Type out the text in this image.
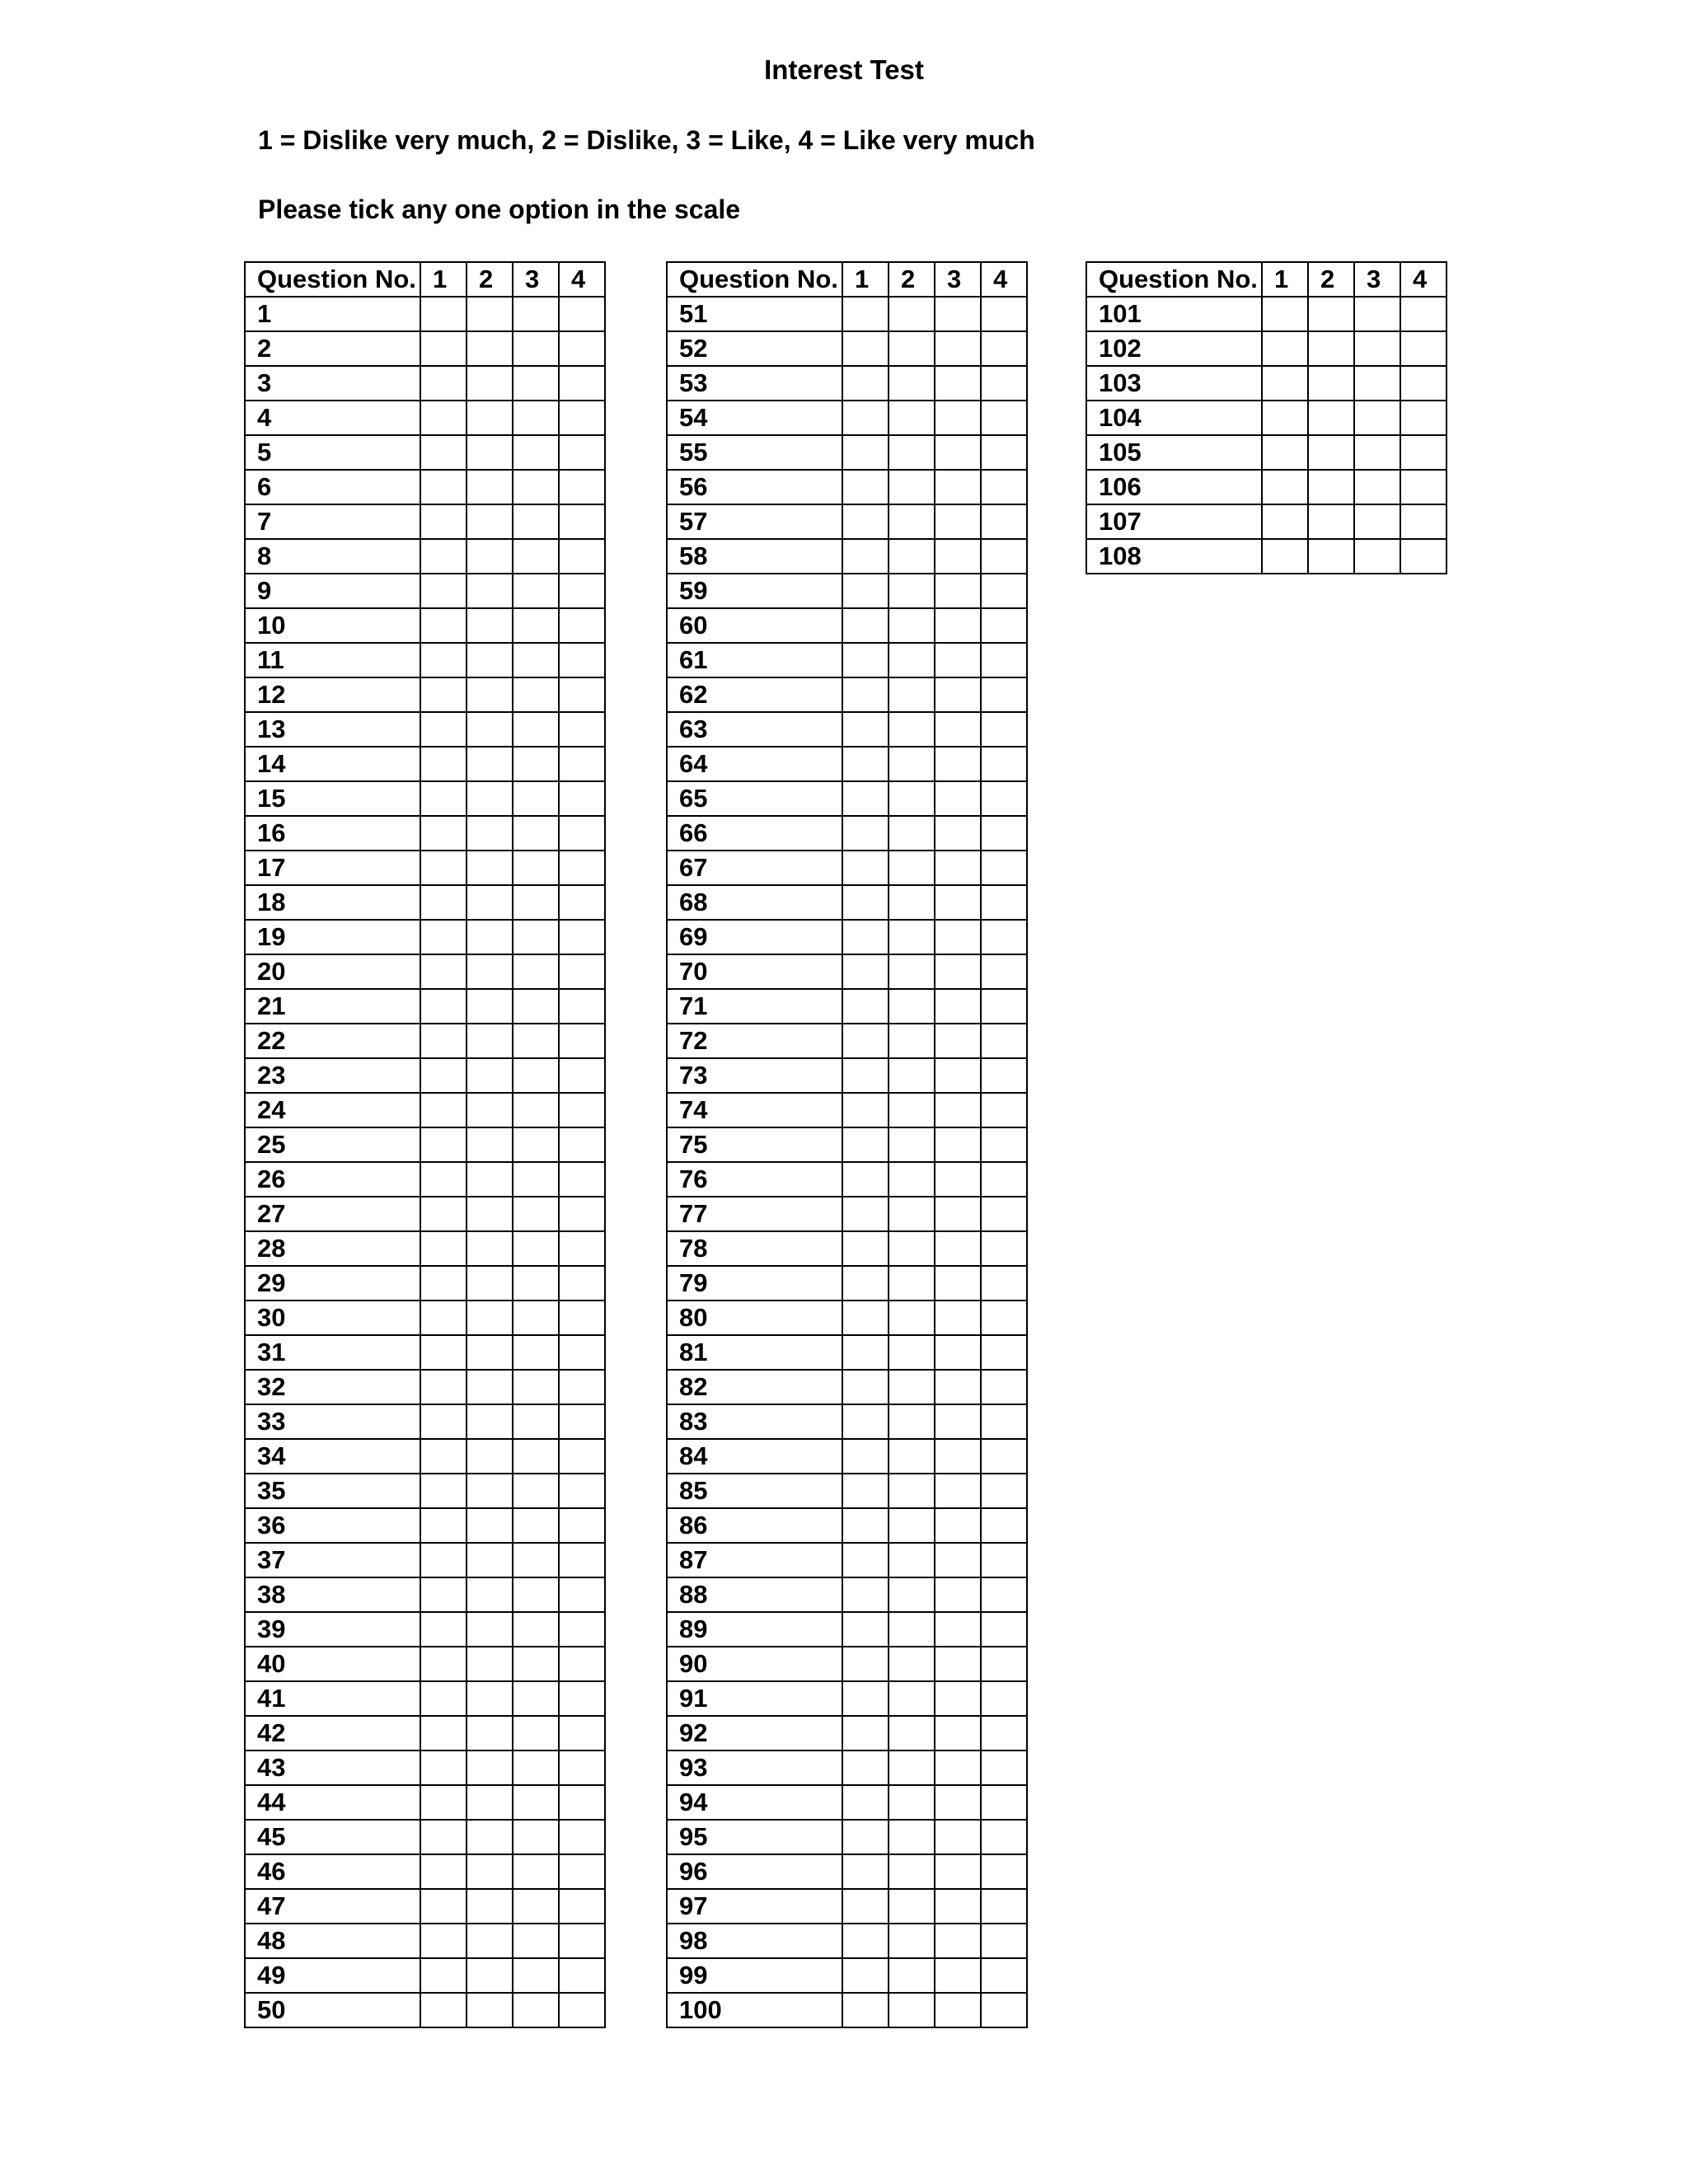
Interest Test
1 = Dislike very much, 2 = Dislike, 3 = Like, 4 = Like very much
Please tick any one option in the scale
Question No.	1	2	3	4
1				
2				
3				
4				
5				
6				
7				
8				
9				
10				
11				
12				
13				
14				
15				
16				
17				
18				
19				
20				
21				
22				
23				
24				
25				
26				
27				
28				
29				
30				
31				
32				
33				
34				
35				
36				
37				
38				
39				
40				
41				
42				
43				
44				
45				
46				
47				
48				
49				
50				
Question No.	1	2	3	4
51				
52				
53				
54				
55				
56				
57				
58				
59				
60				
61				
62				
63				
64				
65				
66				
67				
68				
69				
70				
71				
72				
73				
74				
75				
76				
77				
78				
79				
80				
81				
82				
83				
84				
85				
86				
87				
88				
89				
90				
91				
92				
93				
94				
95				
96				
97				
98				
99				
100				
Question No.	1	2	3	4
101				
102				
103				
104				
105				
106				
107				
108				
